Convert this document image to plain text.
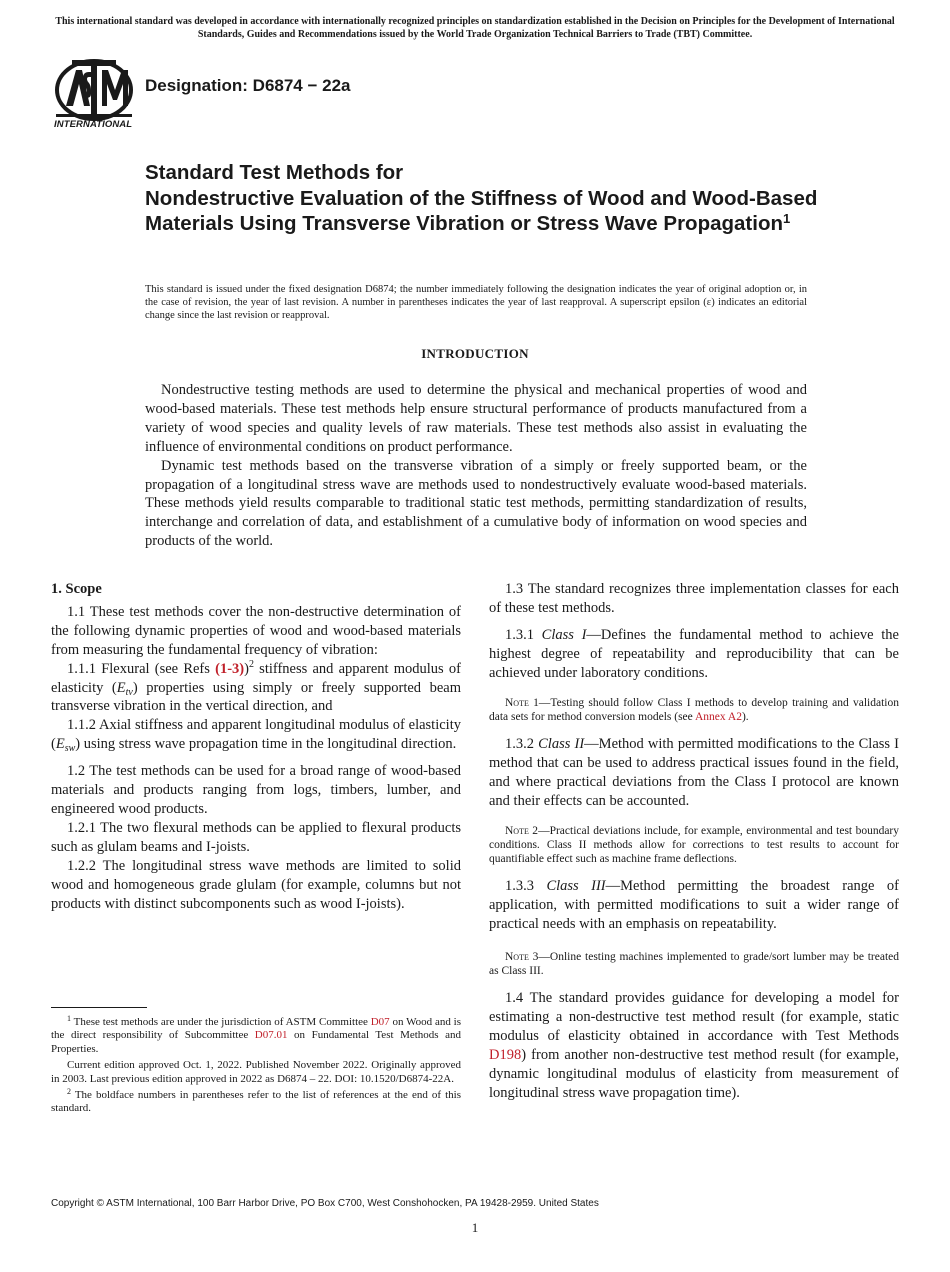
This international standard was developed in accordance with internationally recognized principles on standardization established in the Decision on Principles for the Development of International Standards, Guides and Recommendations issued by the World Trade Organization Technical Barriers to Trade (TBT) Committee.
INTERNATIONAL
Designation: D6874 − 22a
Standard Test Methods for
Nondestructive Evaluation of the Stiffness of Wood and Wood-Based Materials Using Transverse Vibration or Stress Wave Propagation$^1$
This standard is issued under the fixed designation D6874; the number immediately following the designation indicates the year of original adoption or, in the case of revision, the year of last revision. A number in parentheses indicates the year of last reapproval. A superscript epsilon (ε) indicates an editorial change since the last revision or reapproval.
INTRODUCTION

Nondestructive testing methods are used to determine the physical and mechanical properties of wood and wood-based materials. These test methods help ensure structural performance of products manufactured from a variety of wood species and quality levels of raw materials. These test methods also assist in evaluating the influence of environmental conditions on product performance.

Dynamic test methods based on the transverse vibration of a simply or freely supported beam, or the propagation of a longitudinal stress wave are methods used to nondestructively evaluate wood-based materials. These methods yield results comparable to traditional static test methods, permitting standardization of results, interchange and correlation of data, and establishment of a cumulative body of information on wood species and products of the world.

1. Scope

1.1 These test methods cover the non-destructive determination of the following dynamic properties of wood and wood-based materials from measuring the fundamental frequency of vibration:

1.1.1 Flexural (see Refs (1-3))$^2$ stiffness and apparent modulus of elasticity $(E_{tv})$ properties using simply or freely supported beam transverse vibration in the vertical direction, and

1.1.2 Axial stiffness and apparent longitudinal modulus of elasticity $(E_{sw})$ using stress wave propagation time in the longitudinal direction.

1.2 The test methods can be used for a broad range of wood-based materials and products ranging from logs, timbers, lumber, and engineered wood products.

1.2.1 The two flexural methods can be applied to flexural products such as glulam beams and I-joists.

1.2.2 The longitudinal stress wave methods are limited to solid wood and homogeneous grade glulam (for example, columns but not products with distinct subcomponents such as wood I-joists).

1.3 The standard recognizes three implementation classes for each of these test methods.

1.3.1 Class I—Defines the fundamental method to achieve the highest degree of repeatability and reproducibility that can be achieved under laboratory conditions.

Note 1—Testing should follow Class I methods to develop training and validation data sets for method conversion models (see Annex A2).

1.3.2 Class II—Method with permitted modifications to the Class I method that can be used to address practical issues found in the field, and where practical deviations from the Class I protocol are known and their effects can be accounted.

Note 2—Practical deviations include, for example, environmental and test boundary conditions. Class II methods allow for corrections to test results to account for quantifiable effect such as machine frame deflections.

1.3.3 Class III—Method permitting the broadest range of application, with permitted modifications to suit a wider range of practical needs with an emphasis on repeatability.

Note 3—Online testing machines implemented to grade/sort lumber may be treated as Class III.

1.4 The standard provides guidance for developing a model for estimating a non-destructive test method result (for example, static modulus of elasticity obtained in accordance with Test Methods D198) from another non-destructive test method result (for example, dynamic longitudinal modulus of elasticity from measurement of longitudinal stress wave propagation time).

$^1$ These test methods are under the jurisdiction of ASTM Committee D07 on Wood and is the direct responsibility of Subcommittee D07.01 on Fundamental Test Methods and Properties.

Current edition approved Oct. 1, 2022. Published November 2022. Originally approved in 2003. Last previous edition approved in 2022 as D6874 – 22. DOI: 10.1520/D6874-22A.

$^2$ The boldface numbers in parentheses refer to the list of references at the end of this standard.

Copyright © ASTM International, 100 Barr Harbor Drive, PO Box C700, West Conshohocken, PA 19428-2959. United States
1
